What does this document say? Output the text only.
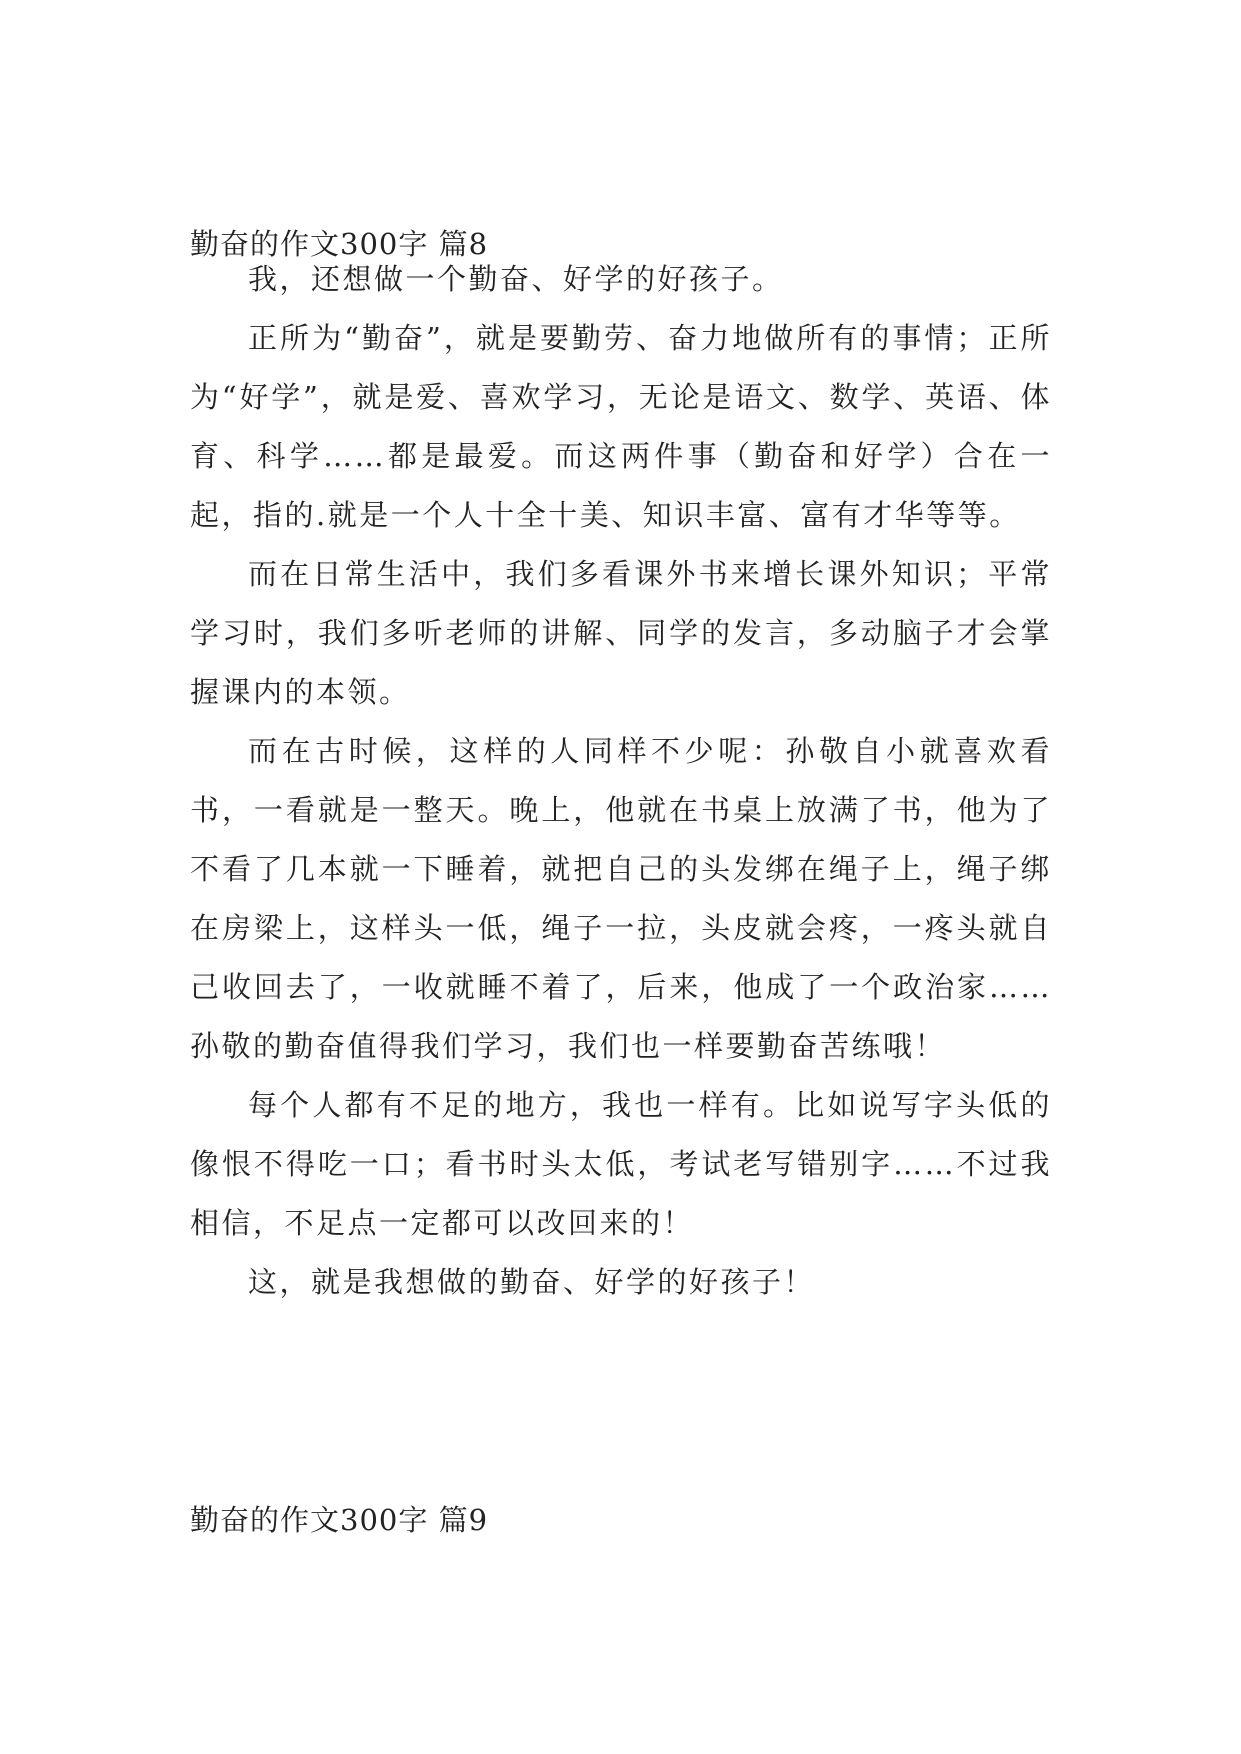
勤奋的作文300字 篇8

我，还想做一个勤奋、好学的好孩子。

正所为“勤奋”，就是要勤劳、奋力地做所有的事情；正所为“好学”，就是爱、喜欢学习，无论是语文、数学、英语、体育、科学……都是最爱。而这两件事（勤奋和好学）合在一起，指的.就是一个人十全十美、知识丰富、富有才华等等。

而在日常生活中，我们多看课外书来增长课外知识；平常学习时，我们多听老师的讲解、同学的发言，多动脑子才会掌握课内的本领。

而在古时候，这样的人同样不少呢：孙敬自小就喜欢看书，一看就是一整天。晚上，他就在书桌上放满了书，他为了不看了几本就一下睡着，就把自己的头发绑在绳子上，绳子绑在房梁上，这样头一低，绳子一拉，头皮就会疼，一疼头就自己收回去了，一收就睡不着了，后来，他成了一个政治家……孙敬的勤奋值得我们学习，我们也一样要勤奋苦练哦！

每个人都有不足的地方，我也一样有。比如说写字头低的像恨不得吃一口；看书时头太低，考试老写错别字……不过我相信，不足点一定都可以改回来的！

这，就是我想做的勤奋、好学的好孩子！

勤奋的作文300字 篇9
